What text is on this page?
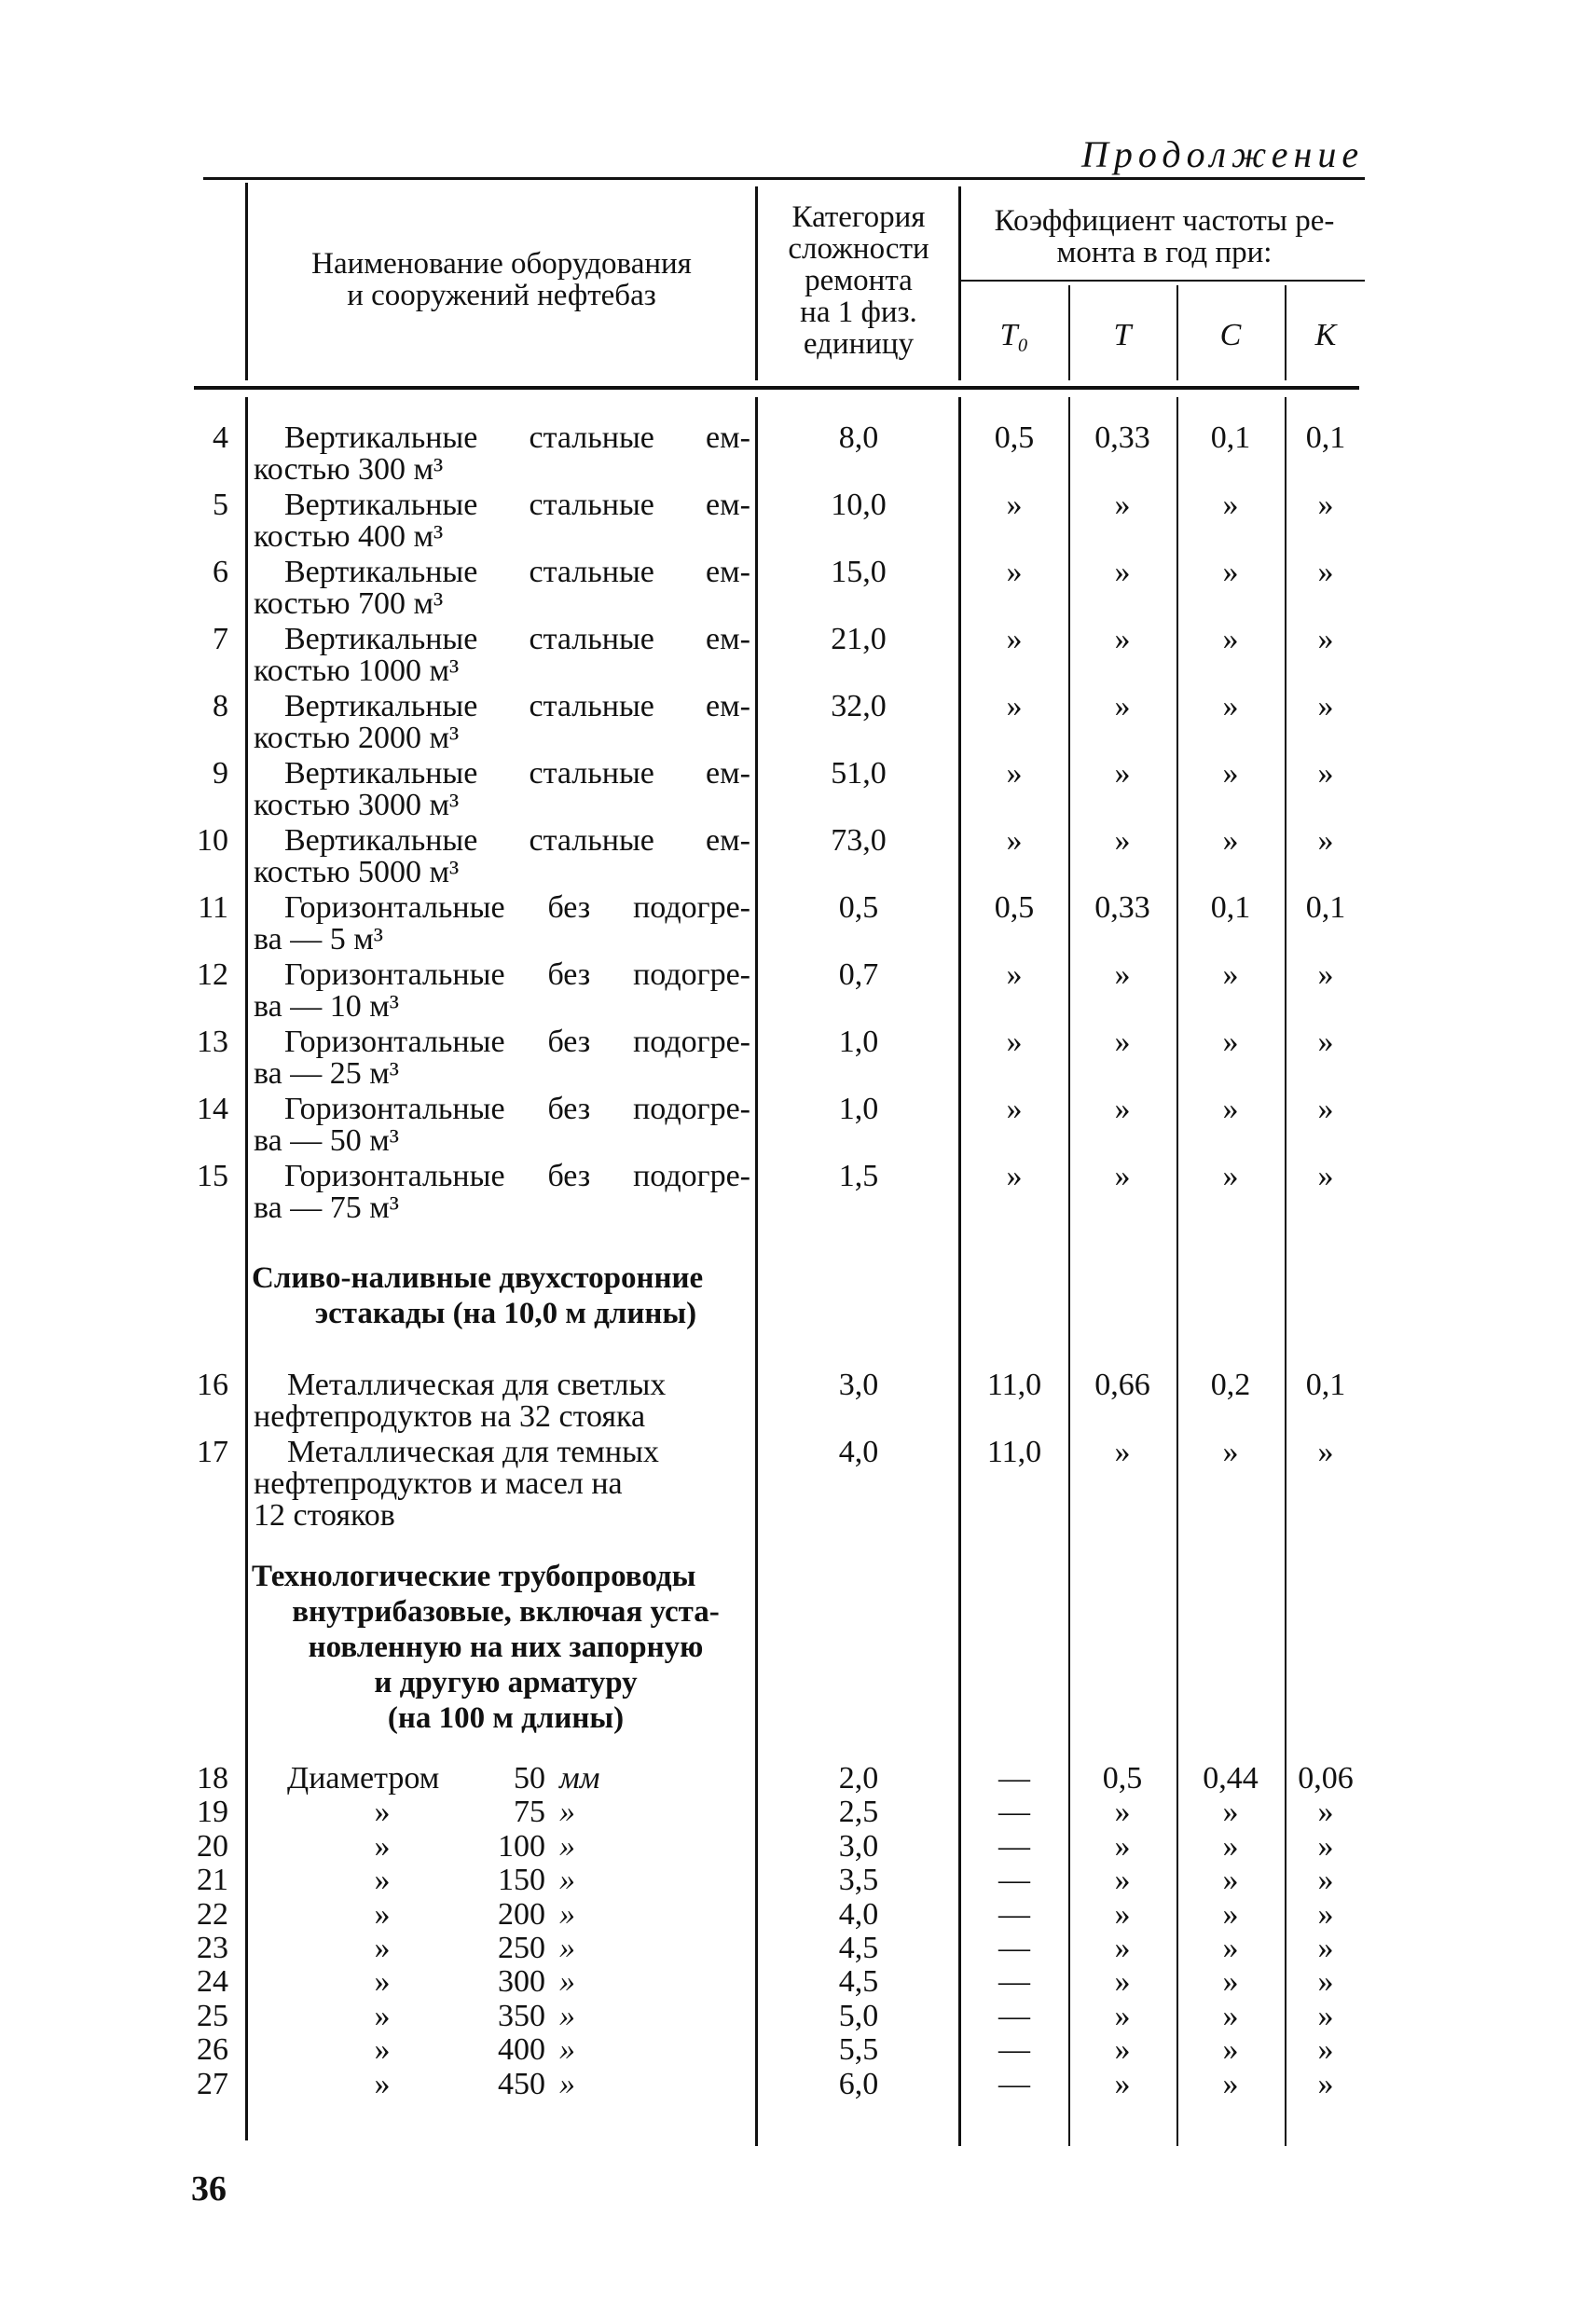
Продолжение
Наименование оборудования
и сооружений нефтебаз
Категория
сложности
ремонта
на 1 физ.
единицу
Коэффициент частоты ре-
монта в год при:
T₀	T	C	K
4 Вертикальные стальные ем-
костью 300 м³
8,0	0,5	0,33	0,1	0,1
5 Вертикальные стальные ем-
костью 400 м³
10,0	»	»	»	»
6 Вертикальные стальные ем-
костью 700 м³
15,0	»	»	»	»
7 Вертикальные стальные ем-
костью 1000 м³
21,0	»	»	»	»
8 Вертикальные стальные ем-
костью 2000 м³
32,0	»	»	»	»
9 Вертикальные стальные ем-
костью 3000 м³
51,0	»	»	»	»
10 Вертикальные стальные ем-
костью 5000 м³
73,0	»	»	»	»
11 Горизонтальные без подогре-
ва — 5 м³
0,5	0,5	0,33	0,1	0,1
12 Горизонтальные без подогре-
ва — 10 м³
0,7	»	»	»	»
13 Горизонтальные без подогре-
ва — 25 м³
1,0	»	»	»	»
14 Горизонтальные без подогре-
ва — 50 м³
1,0	»	»	»	»
15 Горизонтальные без подогре-
ва — 75 м³
1,5	»	»	»	»
16 Металлическая для светлых
нефтепродуктов на 32 стояка
3,0	11,0	0,66	0,2	0,1
17 Металлическая для темных
нефтепродуктов и масел на
12 стояков
4,0	11,0	»	»	»
18 Диаметром	50 мм	2,0	—	0,5	0,44	0,06
19	»	75 »	2,5	—	»	»	»
20	»	100 »	3,0	—	»	»	»
21	»	150 »	3,5	—	»	»	»
22	»	200 »	4,0	—	»	»	»
23	»	250 »	4,5	—	»	»	»
24	»	300 »	4,5	—	»	»	»
25	»	350 »	5,0	—	»	»	»
26	»	400 »	5,5	—	»	»	»
27	»	450 »	6,0	—	»	»	»
Сливо-наливные двухсторонние
эстакады (на 10,0 м длины)
Технологические трубопроводы
внутрибазовые, включая уста-
новленную на них запорную
и другую арматуру
(на 100 м длины)
36
